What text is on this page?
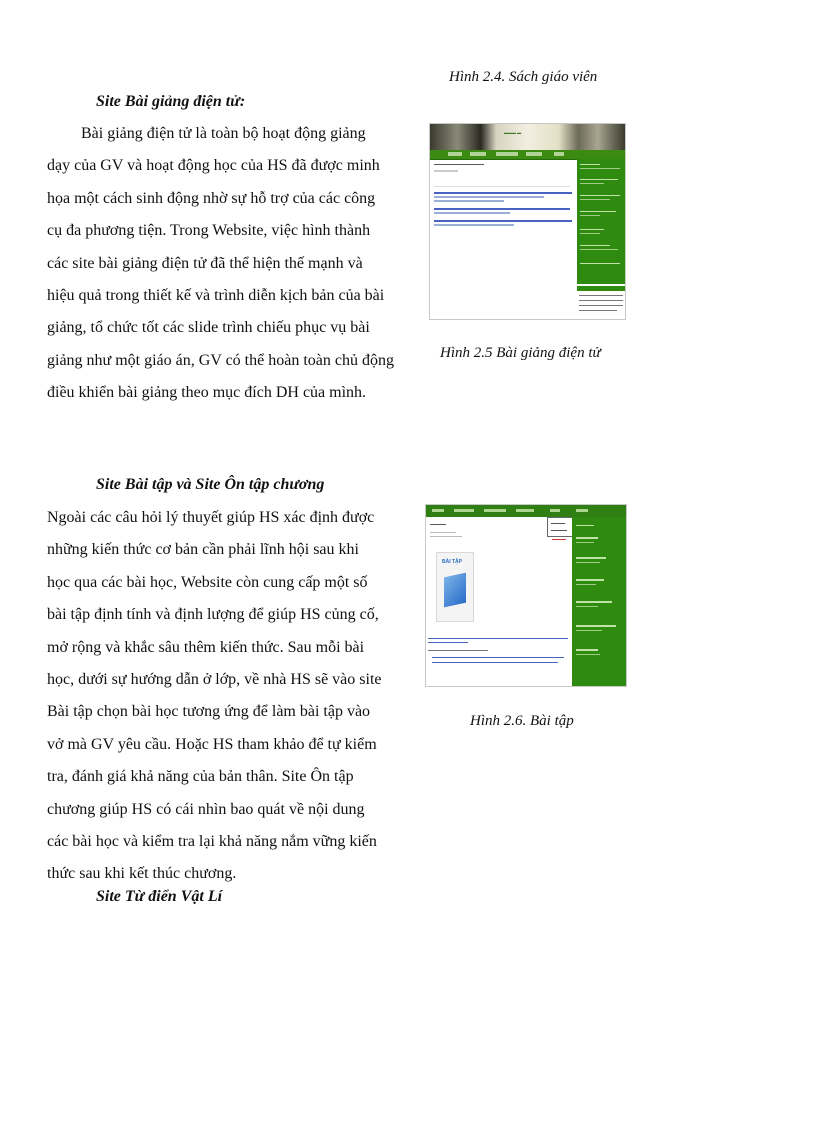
Hình 2.4. Sách giáo viên
Site Bài giảng điện tử:

Bài giảng điện tử là toàn bộ hoạt động giảng

dạy của GV và hoạt động học của HS đã được minh

họa một cách sinh động nhờ sự hỗ trợ của các công

cụ đa phương tiện. Trong Website, việc hình thành

các site bài giảng điện tử đã thể hiện thế mạnh và

hiệu quả trong thiết kế và trình diễn kịch bản của bài

giảng, tổ chức tốt các slide trình chiếu phục vụ bài

giảng như một giáo án, GV có thể hoàn toàn chủ động

điều khiển bài giảng theo mục đích DH của mình.

▬▬▬ ▬
Hình 2.5 Bài giảng điện tử
Site Bài tập và Site Ôn tập chương

Ngoài các câu hỏi lý thuyết giúp HS xác định được

những kiến thức cơ bản cần phải lĩnh hội sau khi

học qua các bài học, Website còn cung cấp một số

bài tập định tính và định lượng để giúp HS củng cố,

mở rộng và khắc sâu thêm kiến thức. Sau mỗi bài

học, dưới sự hướng dẫn ở lớp, về nhà HS sẽ vào site

Bài tập chọn bài học tương ứng để làm bài tập vào

vở mà GV yêu cầu. Hoặc HS tham khảo để tự kiểm

tra, đánh giá khả năng của bản thân. Site Ôn tập

chương giúp HS có cái nhìn bao quát về nội dung

các bài học và kiểm tra lại khả năng nắm vững kiến

thức sau khi kết thúc chương.

BÀI TẬP
Hình 2.6. Bài tập
Site Từ điển Vật Lí
